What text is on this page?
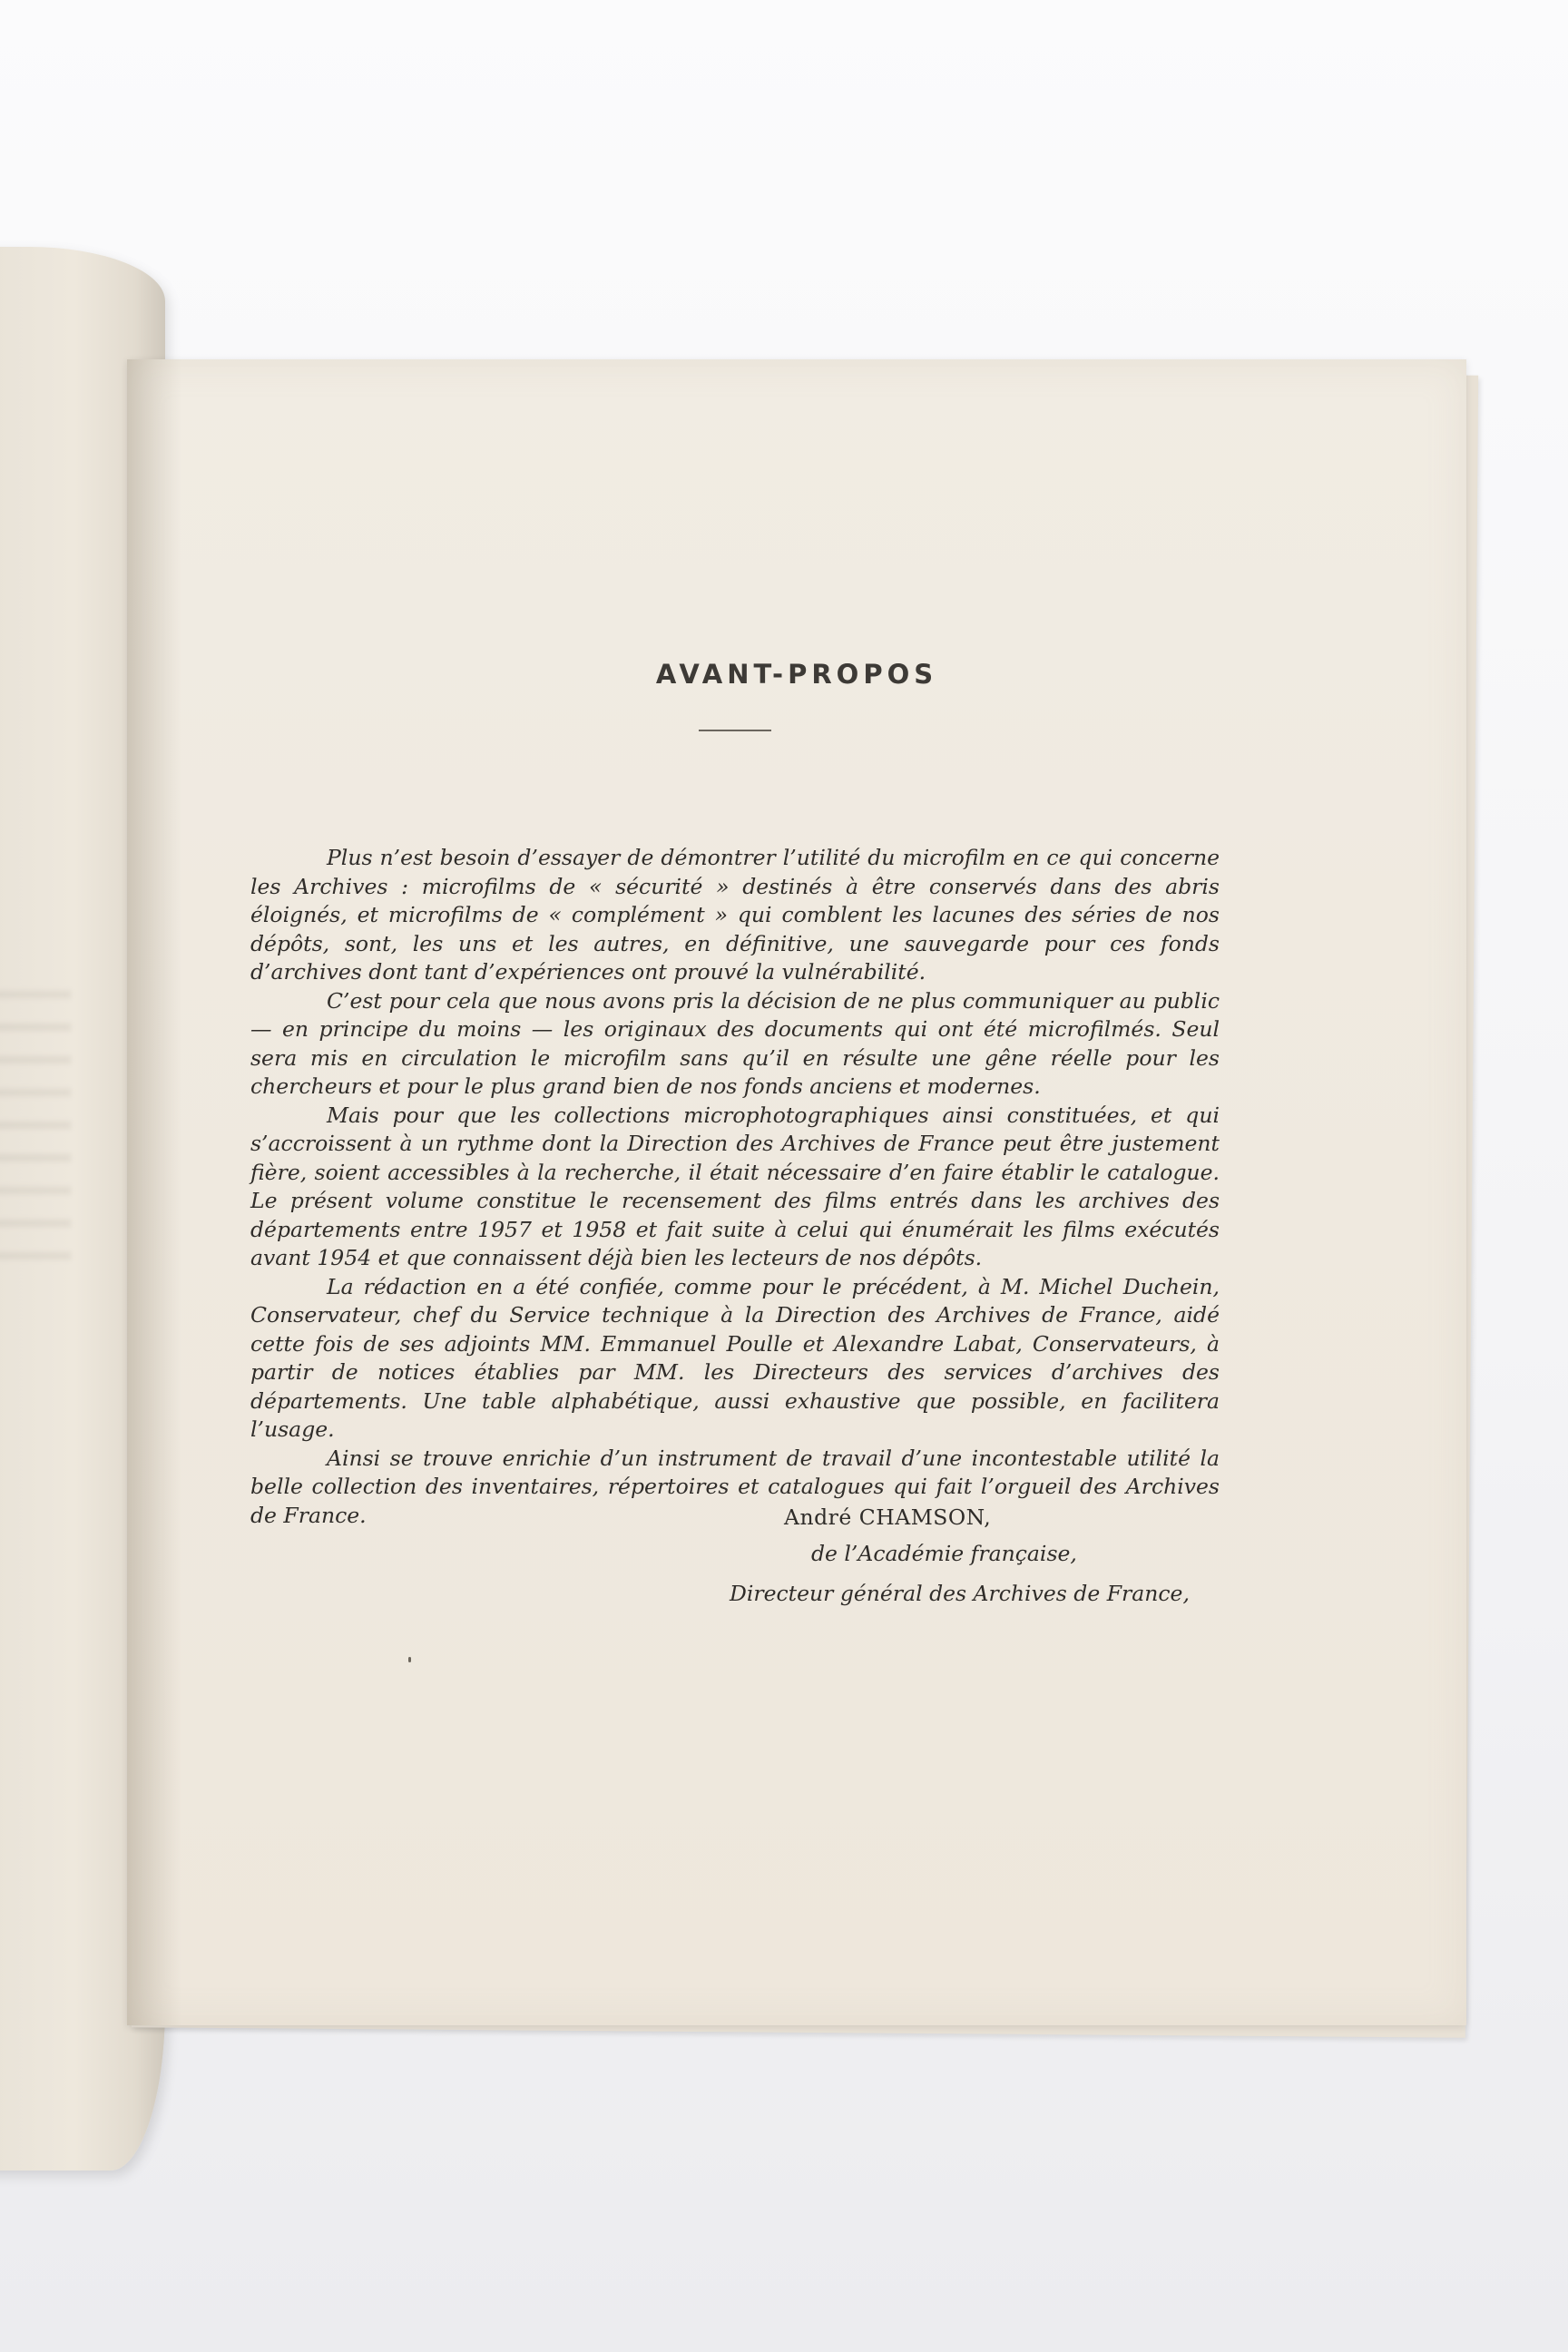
AVANT-PROPOS

Plus n’est besoin d’essayer de démontrer l’utilité du microfilm en ce qui concerne les Archives : microfilms de « sécurité » destinés à être conservés dans des abris éloignés, et microfilms de « complément » qui comblent les lacunes des séries de nos dépôts, sont, les uns et les autres, en définitive, une sauvegarde pour ces fonds d’archives dont tant d’expériences ont prouvé la vulnérabilité.

C’est pour cela que nous avons pris la décision de ne plus communiquer au public — en principe du moins — les originaux des documents qui ont été microfilmés. Seul sera mis en circulation le microfilm sans qu’il en résulte une gêne réelle pour les chercheurs et pour le plus grand bien de nos fonds anciens et modernes.

Mais pour que les collections microphotographiques ainsi constituées, et qui s’accroissent à un rythme dont la Direction des Archives de France peut être justement fière, soient accessibles à la recherche, il était nécessaire d’en faire établir le catalogue. Le présent volume constitue le recensement des films entrés dans les archives des départements entre 1957 et 1958 et fait suite à celui qui énumérait les films exécutés avant 1954 et que connaissent déjà bien les lecteurs de nos dépôts.

La rédaction en a été confiée, comme pour le précédent, à M. Michel Duchein, Conservateur, chef du Service technique à la Direction des Archives de France, aidé cette fois de ses adjoints MM. Emmanuel Poulle et Alexandre Labat, Conservateurs, à partir de notices établies par MM. les Directeurs des services d’archives des départements. Une table alphabétique, aussi exhaustive que possible, en facilitera l’usage.

Ainsi se trouve enrichie d’un instrument de travail d’une incontestable utilité la belle collection des inventaires, répertoires et catalogues qui fait l’orgueil des Archives de France.	André CHAMSON,
de l’Académie française,
Directeur général des Archives de France,
